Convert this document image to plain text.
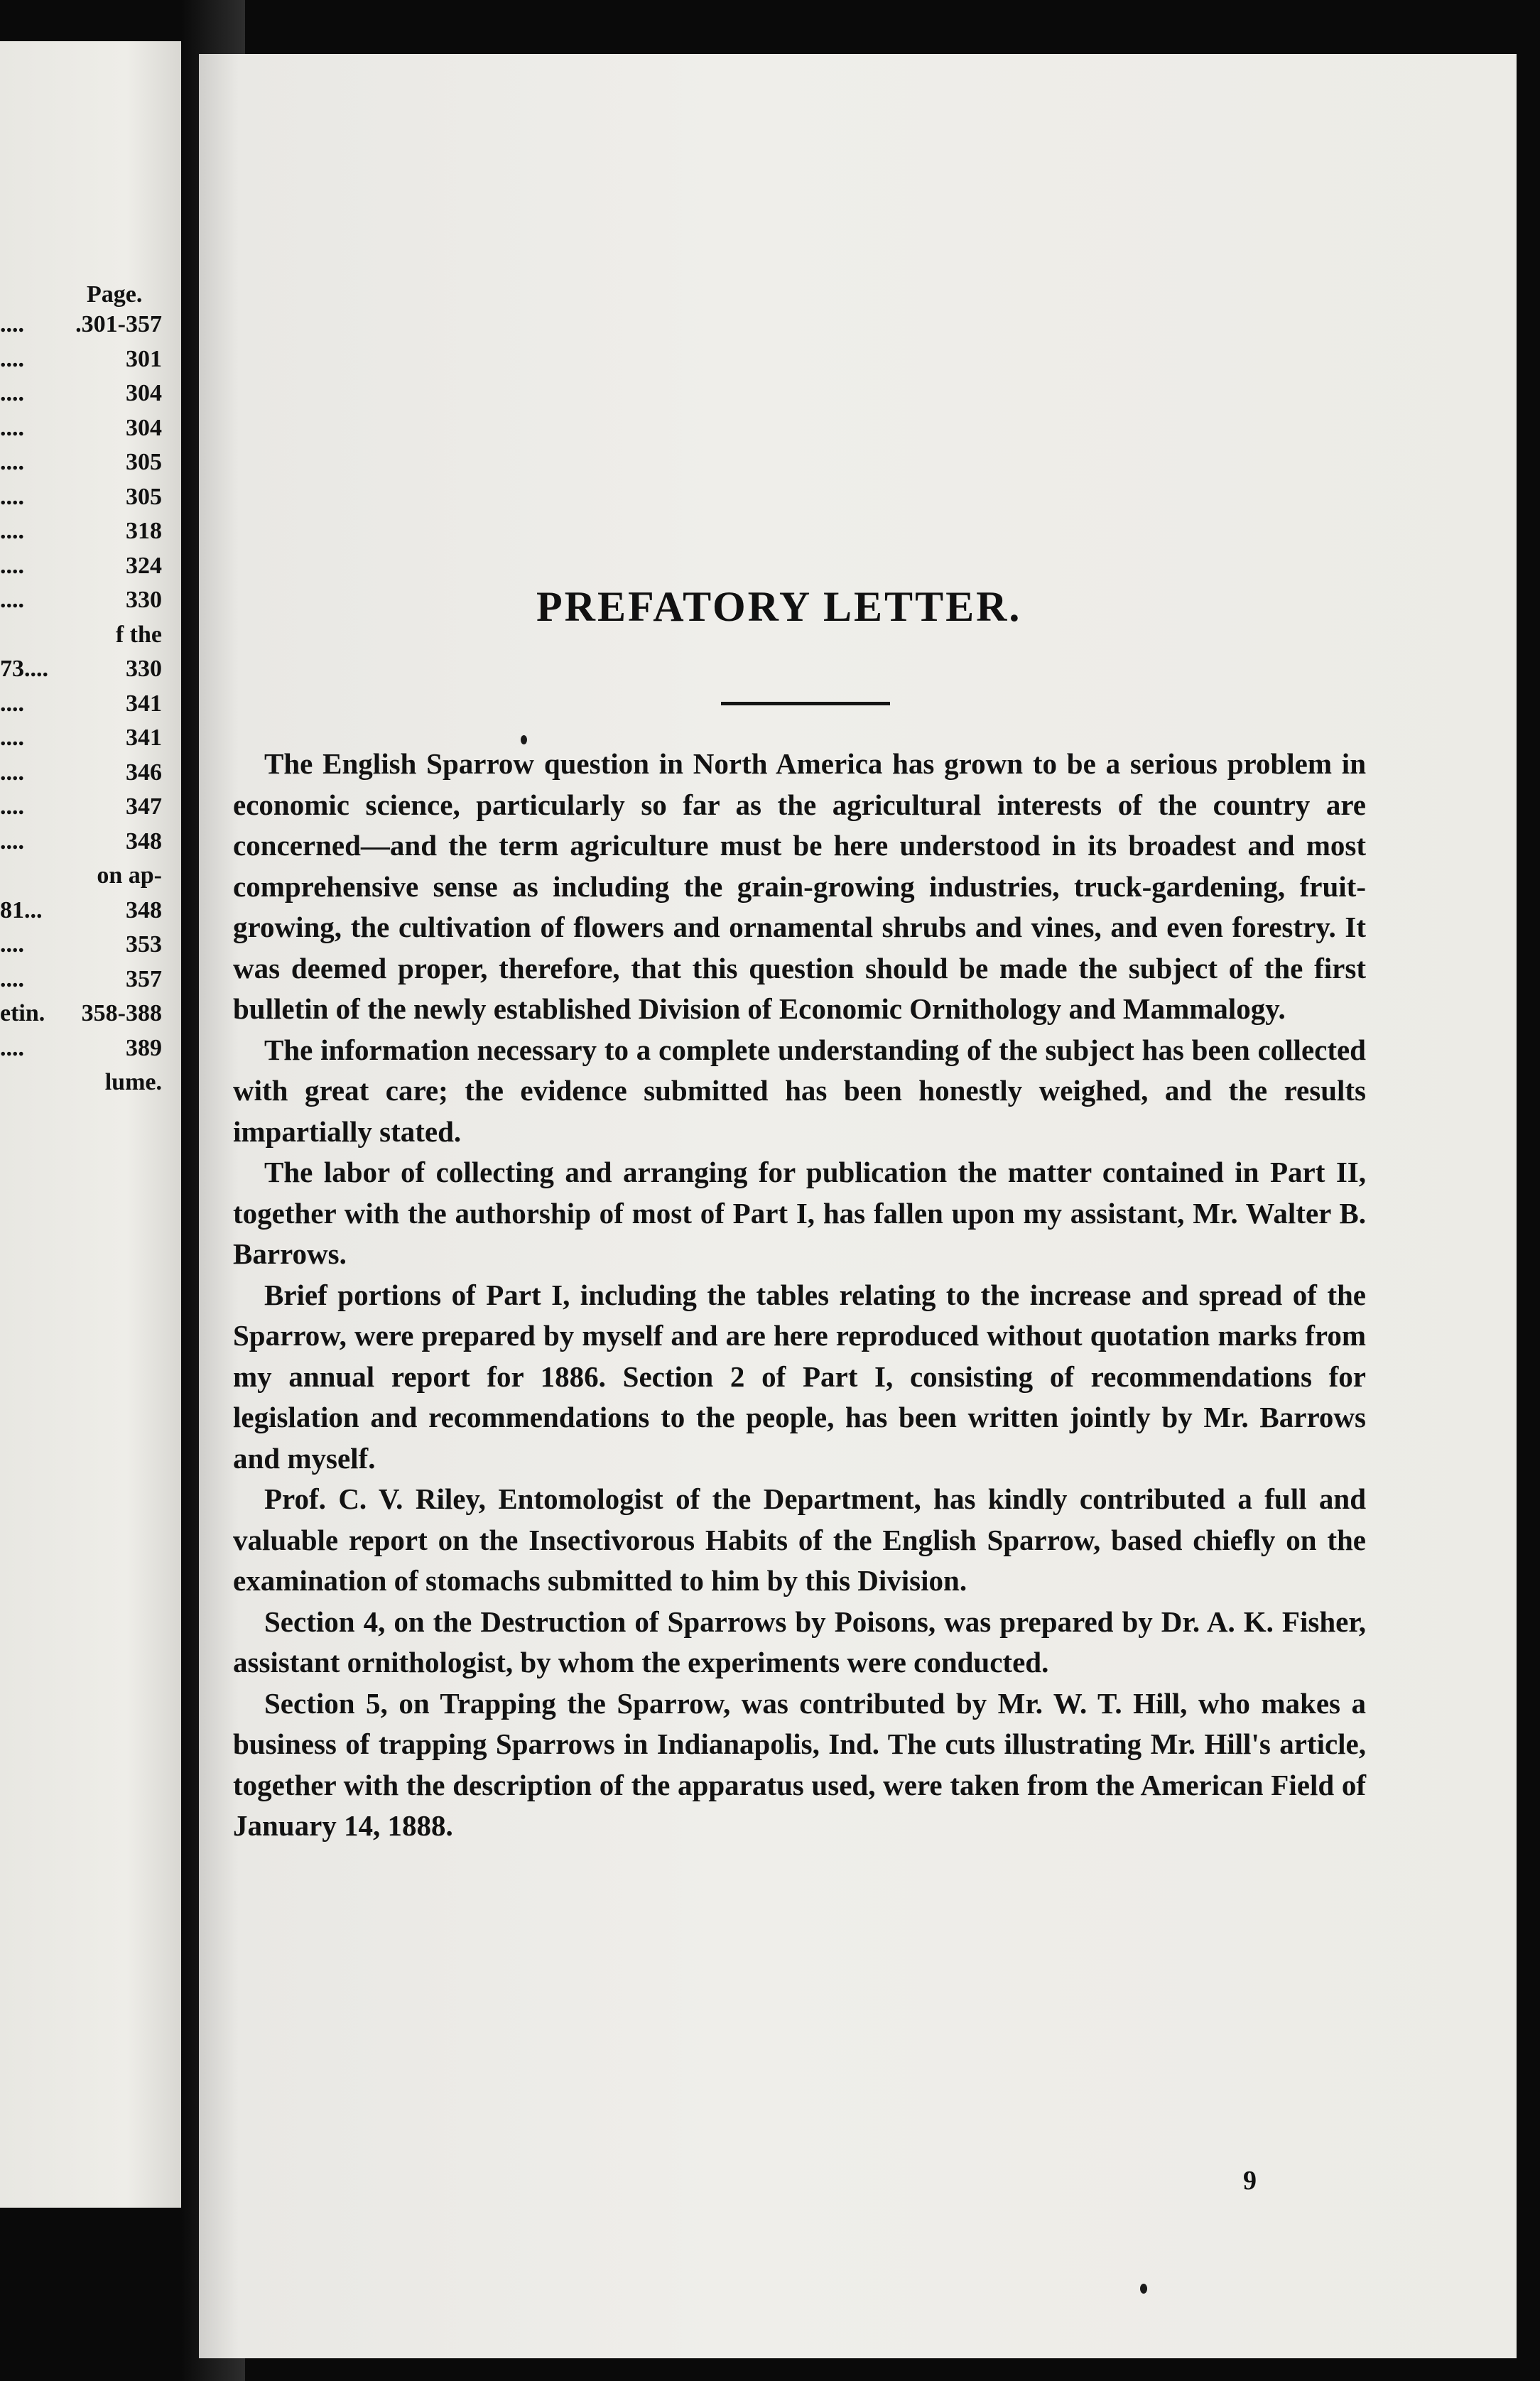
Page.

.... .301-357
....	301
....	304
....	304
....	305
....	305
....	318
....	324
....	330
f the
73....	330
....	341
....	341
....	346
....	347
....	348
on ap-
81...	348
....	353
....	357
etin. 358-388
....	389
lume.
PREFATORY LETTER.

The English Sparrow question in North America has grown to be a serious problem in economic science, particularly so far as the agricultural interests of the country are concerned—and the term agriculture must be here understood in its broadest and most comprehensive sense as including the grain-growing industries, truck-gardening, fruit-growing, the cultivation of flowers and ornamental shrubs and vines, and even forestry. It was deemed proper, therefore, that this question should be made the subject of the first bulletin of the newly established Division of Economic Ornithology and Mammalogy.

The information necessary to a complete understanding of the subject has been collected with great care; the evidence submitted has been honestly weighed, and the results impartially stated.

The labor of collecting and arranging for publication the matter contained in Part II, together with the authorship of most of Part I, has fallen upon my assistant, Mr. Walter B. Barrows.

Brief portions of Part I, including the tables relating to the increase and spread of the Sparrow, were prepared by myself and are here reproduced without quotation marks from my annual report for 1886. Section 2 of Part I, consisting of recommendations for legislation and recommendations to the people, has been written jointly by Mr. Barrows and myself.

Prof. C. V. Riley, Entomologist of the Department, has kindly contributed a full and valuable report on the Insectivorous Habits of the English Sparrow, based chiefly on the examination of stomachs submitted to him by this Division.

Section 4, on the Destruction of Sparrows by Poisons, was prepared by Dr. A. K. Fisher, assistant ornithologist, by whom the experiments were conducted.

Section 5, on Trapping the Sparrow, was contributed by Mr. W. T. Hill, who makes a business of trapping Sparrows in Indianapolis, Ind. The cuts illustrating Mr. Hill's article, together with the description of the apparatus used, were taken from the American Field of January 14, 1888.

9
